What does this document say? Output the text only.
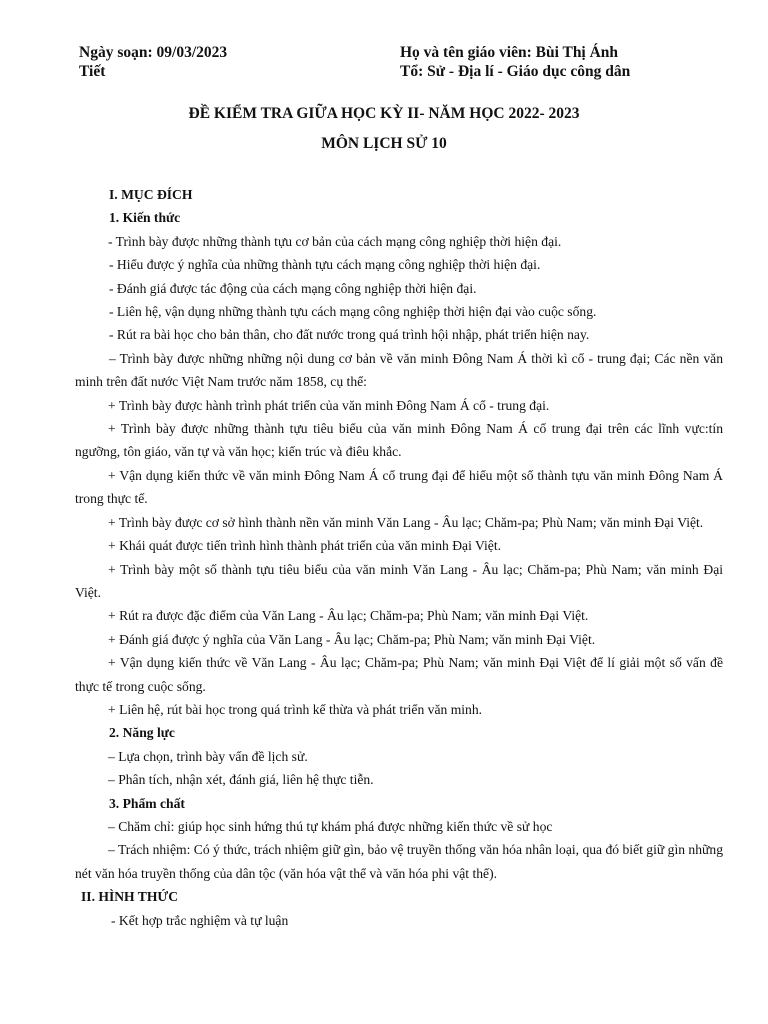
Ngày soạn: 09/03/2023
Tiết
Họ và tên giáo viên: Bùi Thị Ánh
Tổ: Sử - Địa lí - Giáo dục công dân
ĐỀ KIỂM TRA GIỮA HỌC KỲ II- NĂM HỌC 2022- 2023
MÔN LỊCH SỬ 10
I. MỤC ĐÍCH
1. Kiến thức
- Trình bày được những thành tựu cơ bản của cách mạng công nghiệp thời hiện đại.
- Hiểu được ý nghĩa của những thành tựu cách mạng công nghiệp thời hiện đại.
- Đánh giá được tác động của cách mạng công nghiệp thời hiện đại.
- Liên hệ, vận dụng những thành tựu cách mạng công nghiệp thời hiện đại vào cuộc sống.
- Rút ra bài học cho bản thân, cho đất nước trong quá trình hội nhập, phát triển hiện nay.
– Trình bày được những những nội dung cơ bản về văn minh Đông Nam Á thời kì cổ - trung đại; Các nền văn minh trên đất nước Việt Nam trước năm 1858, cụ thể:
+ Trình bày được hành trình phát triển của văn minh Đông Nam Á cổ - trung đại.
+ Trình bày được những thành tựu tiêu biểu của văn minh Đông Nam Á cổ trung đại trên các lĩnh vực:tín ngưỡng, tôn giáo, văn tự và văn học; kiến trúc và điêu khắc.
+ Vận dụng kiến thức về văn minh Đông Nam Á cổ trung đại để hiểu một số thành tựu văn minh Đông Nam Á trong thực tế.
+ Trình bày được cơ sở hình thành nền văn minh Văn Lang - Âu lạc; Chăm-pa; Phù Nam; văn minh Đại Việt.
+ Khái quát được tiến trình hình thành phát triển của văn minh Đại Việt.
+ Trình bày một số thành tựu tiêu biểu của văn minh Văn Lang - Âu lạc; Chăm-pa; Phù Nam; văn minh Đại Việt.
+ Rút ra được đặc điểm của Văn Lang - Âu lạc; Chăm-pa; Phù Nam; văn minh Đại Việt.
+ Đánh giá được ý nghĩa của Văn Lang - Âu lạc; Chăm-pa; Phù Nam; văn minh Đại Việt.
+ Vận dụng kiến thức về Văn Lang - Âu lạc; Chăm-pa; Phù Nam; văn minh Đại Việt để lí giải một số vấn đề thực tế trong cuộc sống.
+ Liên hệ, rút bài học trong quá trình kế thừa và phát triển văn minh.
2. Năng lực
– Lựa chọn, trình bày vấn đề lịch sử.
– Phân tích, nhận xét, đánh giá, liên hệ thực tiễn.
3. Phẩm chất
– Chăm chỉ: giúp học sinh hứng thú tự khám phá được những kiến thức về sử học
– Trách nhiệm: Có ý thức, trách nhiệm giữ gìn, bảo vệ truyền thống văn hóa nhân loại, qua đó biết giữ gìn những nét văn hóa truyền thống của dân tộc (văn hóa vật thể và văn hóa phi vật thể).
II. HÌNH THỨC
- Kết hợp trắc nghiệm và tự luận
